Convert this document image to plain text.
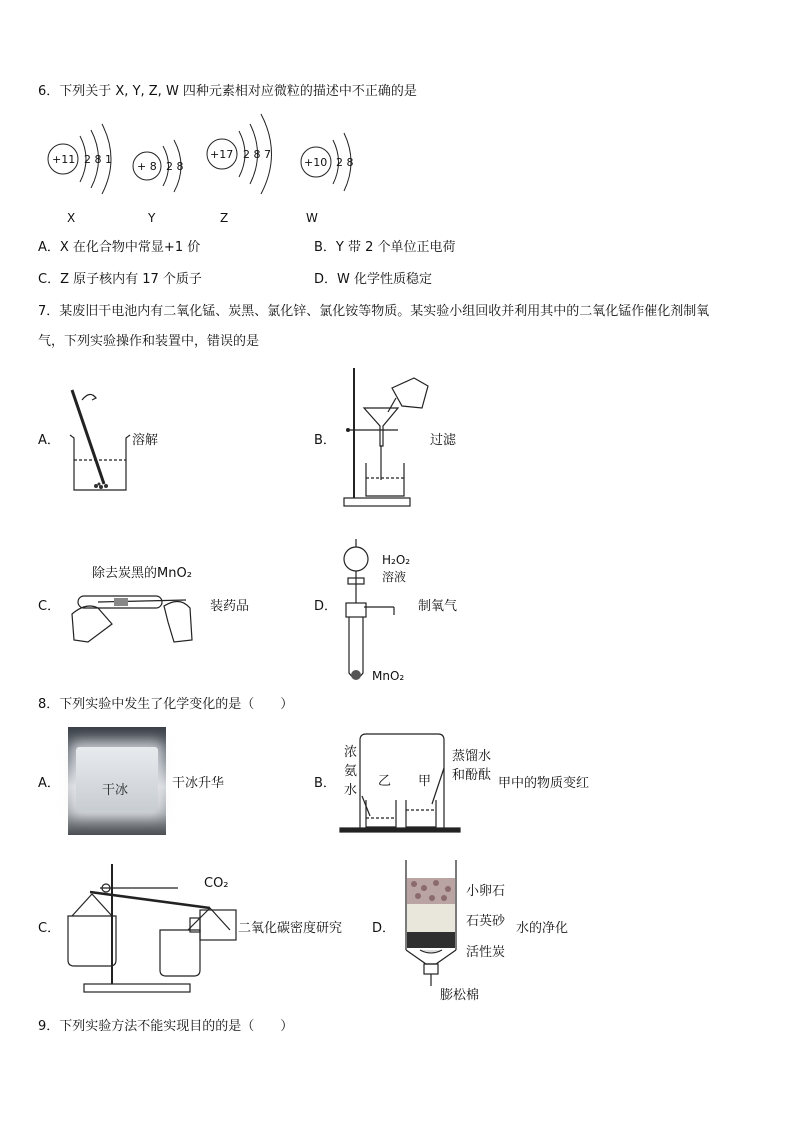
6．下列关于 X, Y, Z, W 四种元素相对应微粒的描述中不正确的是
+11 2 8 1
X
+ 8 2 8
Y
+17 2 8 7
Z
+10 2 8
W
A．X 在化合物中常显+1 价	B．Y 带 2 个单位正电荷
C．Z 原子核内有 17 个质子	D．W 化学性质稳定
7．某废旧干电池内有二氧化锰、炭黑、氯化锌、氯化铵等物质。某实验小组回收并利用其中的二氧化锰作催化剂制氧
气，下列实验操作和装置中，错误的是
A．	溶解	B．	过滤
C．
除去炭黑的MnO₂
装药品	D．
H₂O₂
溶液
MnO₂
制氧气
8．下列实验中发生了化学变化的是（　　）
A．	干冰	干冰升华	B．
浓
氨
水
乙 甲
蒸馏水
和酚酞
甲中的物质变红
C．
CO₂
二氧化碳密度研究 D．
小卵石
石英砂
活性炭
膨松棉
水的净化
9．下列实验方法不能实现目的的是（　　）
